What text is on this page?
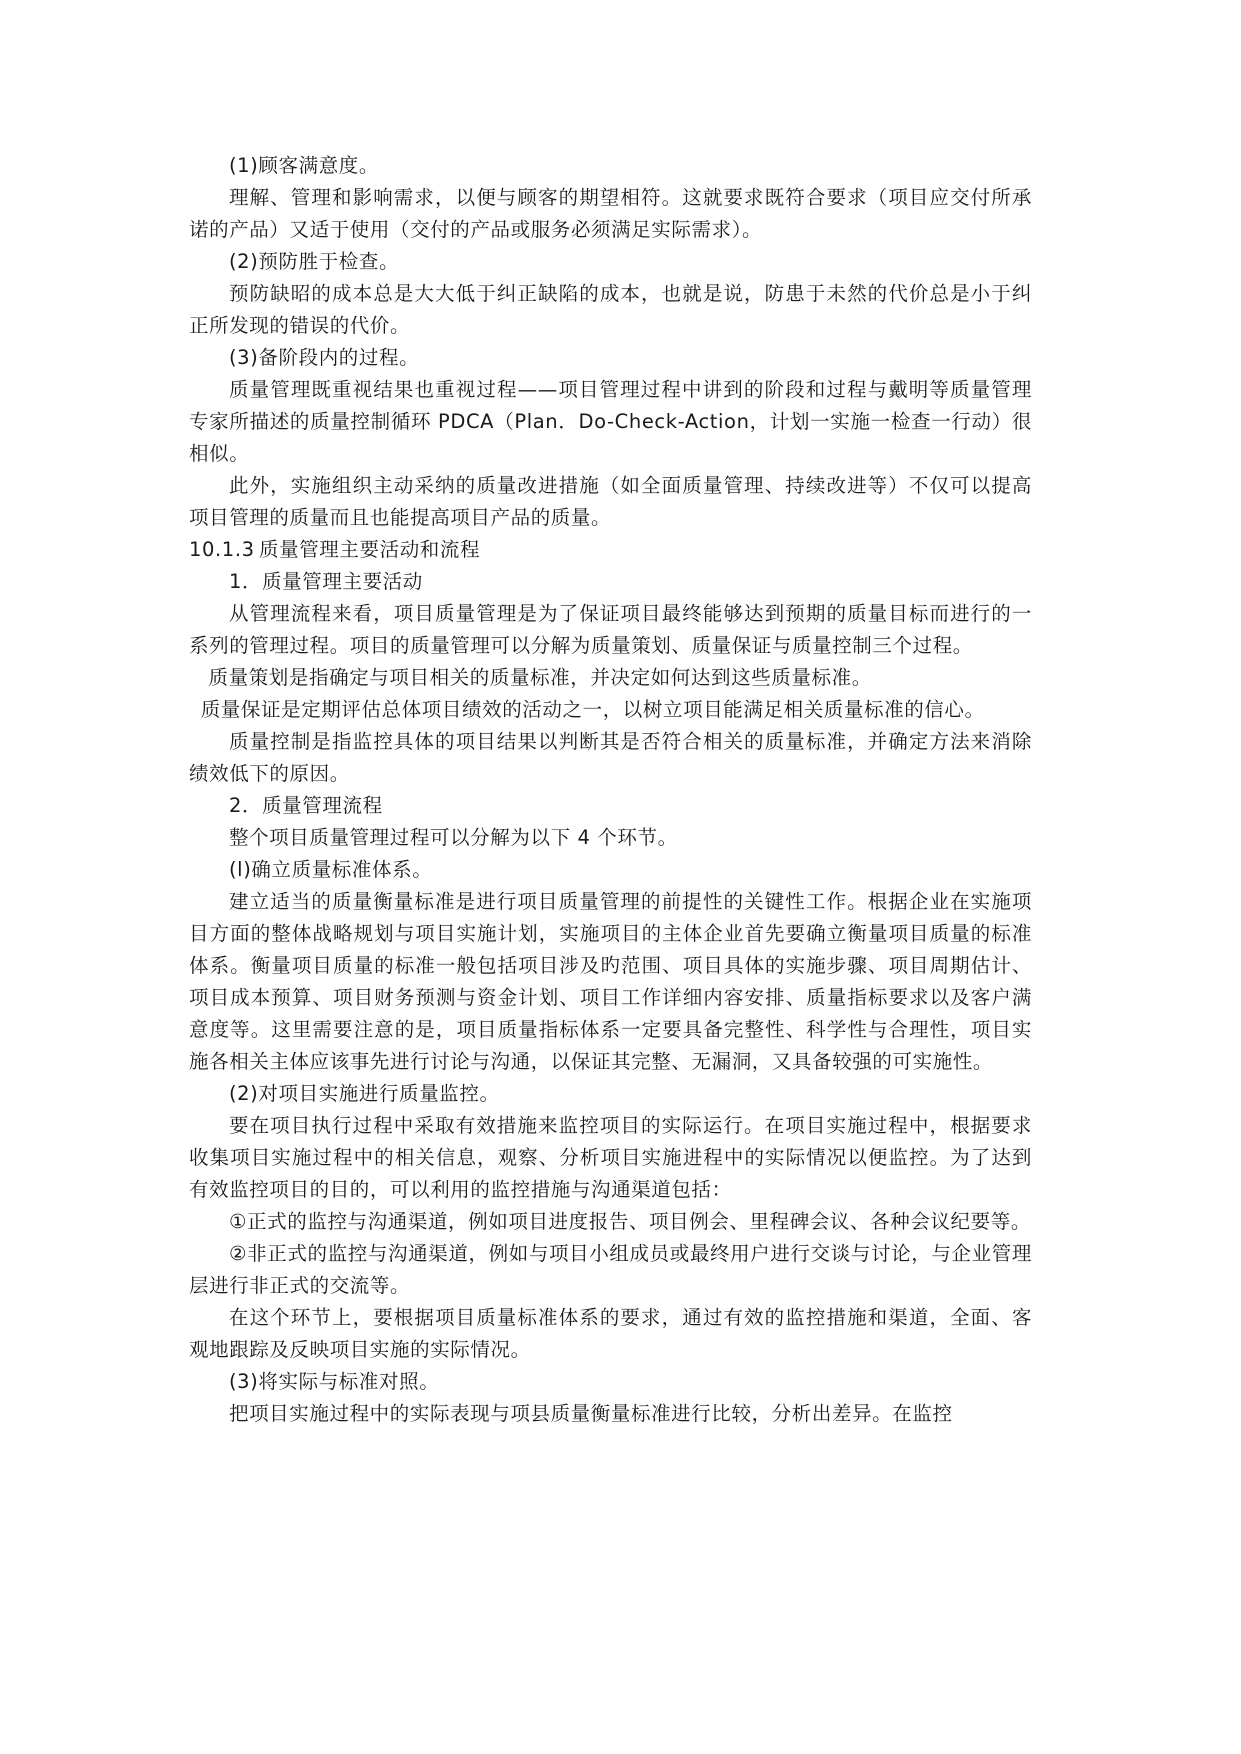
(1)顾客满意度。

理解、管理和影响需求，以便与顾客的期望相符。这就要求既符合要求（项目应交付所承诺的产品）又适于使用（交付的产品或服务必须满足实际需求）。

(2)预防胜于检查。

预防缺昭的成本总是大大低于纠正缺陷的成本，也就是说，防患于未然的代价总是小于纠正所发现的错误的代价。

(3)备阶段内的过程。

质量管理既重视结果也重视过程——项目管理过程中讲到的阶段和过程与戴明等质量管理专家所描述的质量控制循环 PDCA（Plan．Do-Check-Action，计划一实施一检查一行动）很相似。

此外，实施组织主动采纳的质量改进措施（如全面质量管理、持续改进等）不仅可以提高项目管理的质量而且也能提高项目产品的质量。

10.1.3 质量管理主要活动和流程

1．质量管理主要活动

从管理流程来看，项目质量管理是为了保证项目最终能够达到预期的质量目标而进行的一系列的管理过程。项目的质量管理可以分解为质量策划、质量保证与质量控制三个过程。

质量策划是指确定与项目相关的质量标准，并决定如何达到这些质量标准。

质量保证是定期评估总体项目绩效的活动之一，以树立项目能满足相关质量标准的信心。

质量控制是指监控具体的项目结果以判断其是否符合相关的质量标准，并确定方法来消除绩效低下的原因。

2．质量管理流程

整个项目质量管理过程可以分解为以下 4 个环节。

(l)确立质量标准体系。

建立适当的质量衡量标准是进行项目质量管理的前提性的关键性工作。根据企业在实施项目方面的整体战略规划与项目实施计划，实施项目的主体企业首先要确立衡量项目质量的标准体系。衡量项目质量的标准一般包括项目涉及旳范围、项目具体的实施步骤、项目周期估计、项目成本预算、项目财务预测与资金计划、项目工作详细内容安排、质量指标要求以及客户满意度等。这里需要注意的是，项目质量指标体系一定要具备完整性、科学性与合理性，项目实施各相关主体应该事先进行讨论与沟通，以保证其完整、无漏洞，又具备较强的可实施性。

(2)对项目实施进行质量监控。

要在项目执行过程中采取有效措施来监控项目的实际运行。在项目实施过程中，根据要求收集项目实施过程中的相关信息，观察、分析项目实施进程中的实际情况以便监控。为了达到有效监控项目的目的，可以利用的监控措施与沟通渠道包括：

①正式的监控与沟通渠道，例如项目进度报告、项目例会、里程碑会议、各种会议纪要等。

②非正式的监控与沟通渠道，例如与项目小组成员或最终用户进行交谈与讨论，与企业管理层进行非正式的交流等。

在这个环节上，要根据项目质量标准体系的要求，通过有效的监控措施和渠道，全面、客观地跟踪及反映项目实施的实际情况。

(3)将实际与标准对照。

把项目实施过程中的实际表现与项县质量衡量标准进行比较，分析出差异。在监控
